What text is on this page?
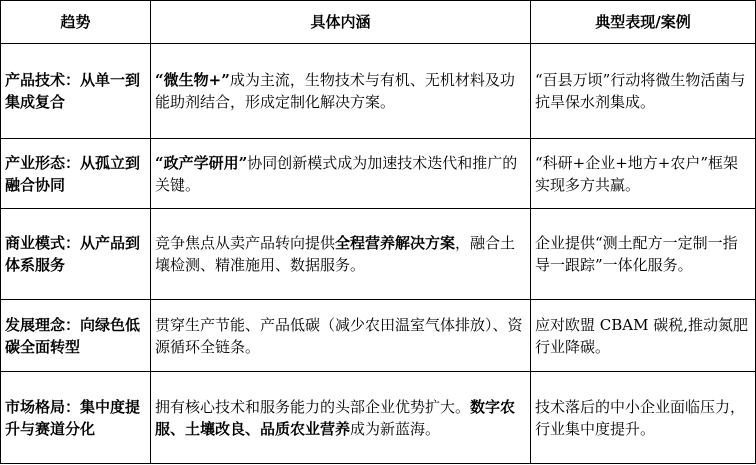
趋势	具体内涵	典型表现/案例
产品技术：从单一到集成复合	“微生物+”成为主流，生物技术与有机、无机材料及功能助剂结合，形成定制化解决方案。	“百县万顷”行动将微生物活菌与抗旱保水剂集成。
产业形态：从孤立到融合协同	“政产学研用”协同创新模式成为加速技术迭代和推广的关键。	“科研+企业+地方+农户”框架实现多方共赢。
商业模式：从产品到体系服务	竞争焦点从卖产品转向提供全程营养解决方案，融合土壤检测、精准施用、数据服务。	企业提供“测土配方一定制一指导一跟踪”一体化服务。
发展理念：向绿色低碳全面转型	贯穿生产节能、产品低碳（减少农田温室气体排放）、资源循环全链条。	应对欧盟 CBAM 碳税,推动氮肥行业降碳。
市场格局：集中度提升与赛道分化	拥有核心技术和服务能力的头部企业优势扩大。数字农服、土壤改良、品质农业营养成为新蓝海。	技术落后的中小企业面临压力，行业集中度提升。
